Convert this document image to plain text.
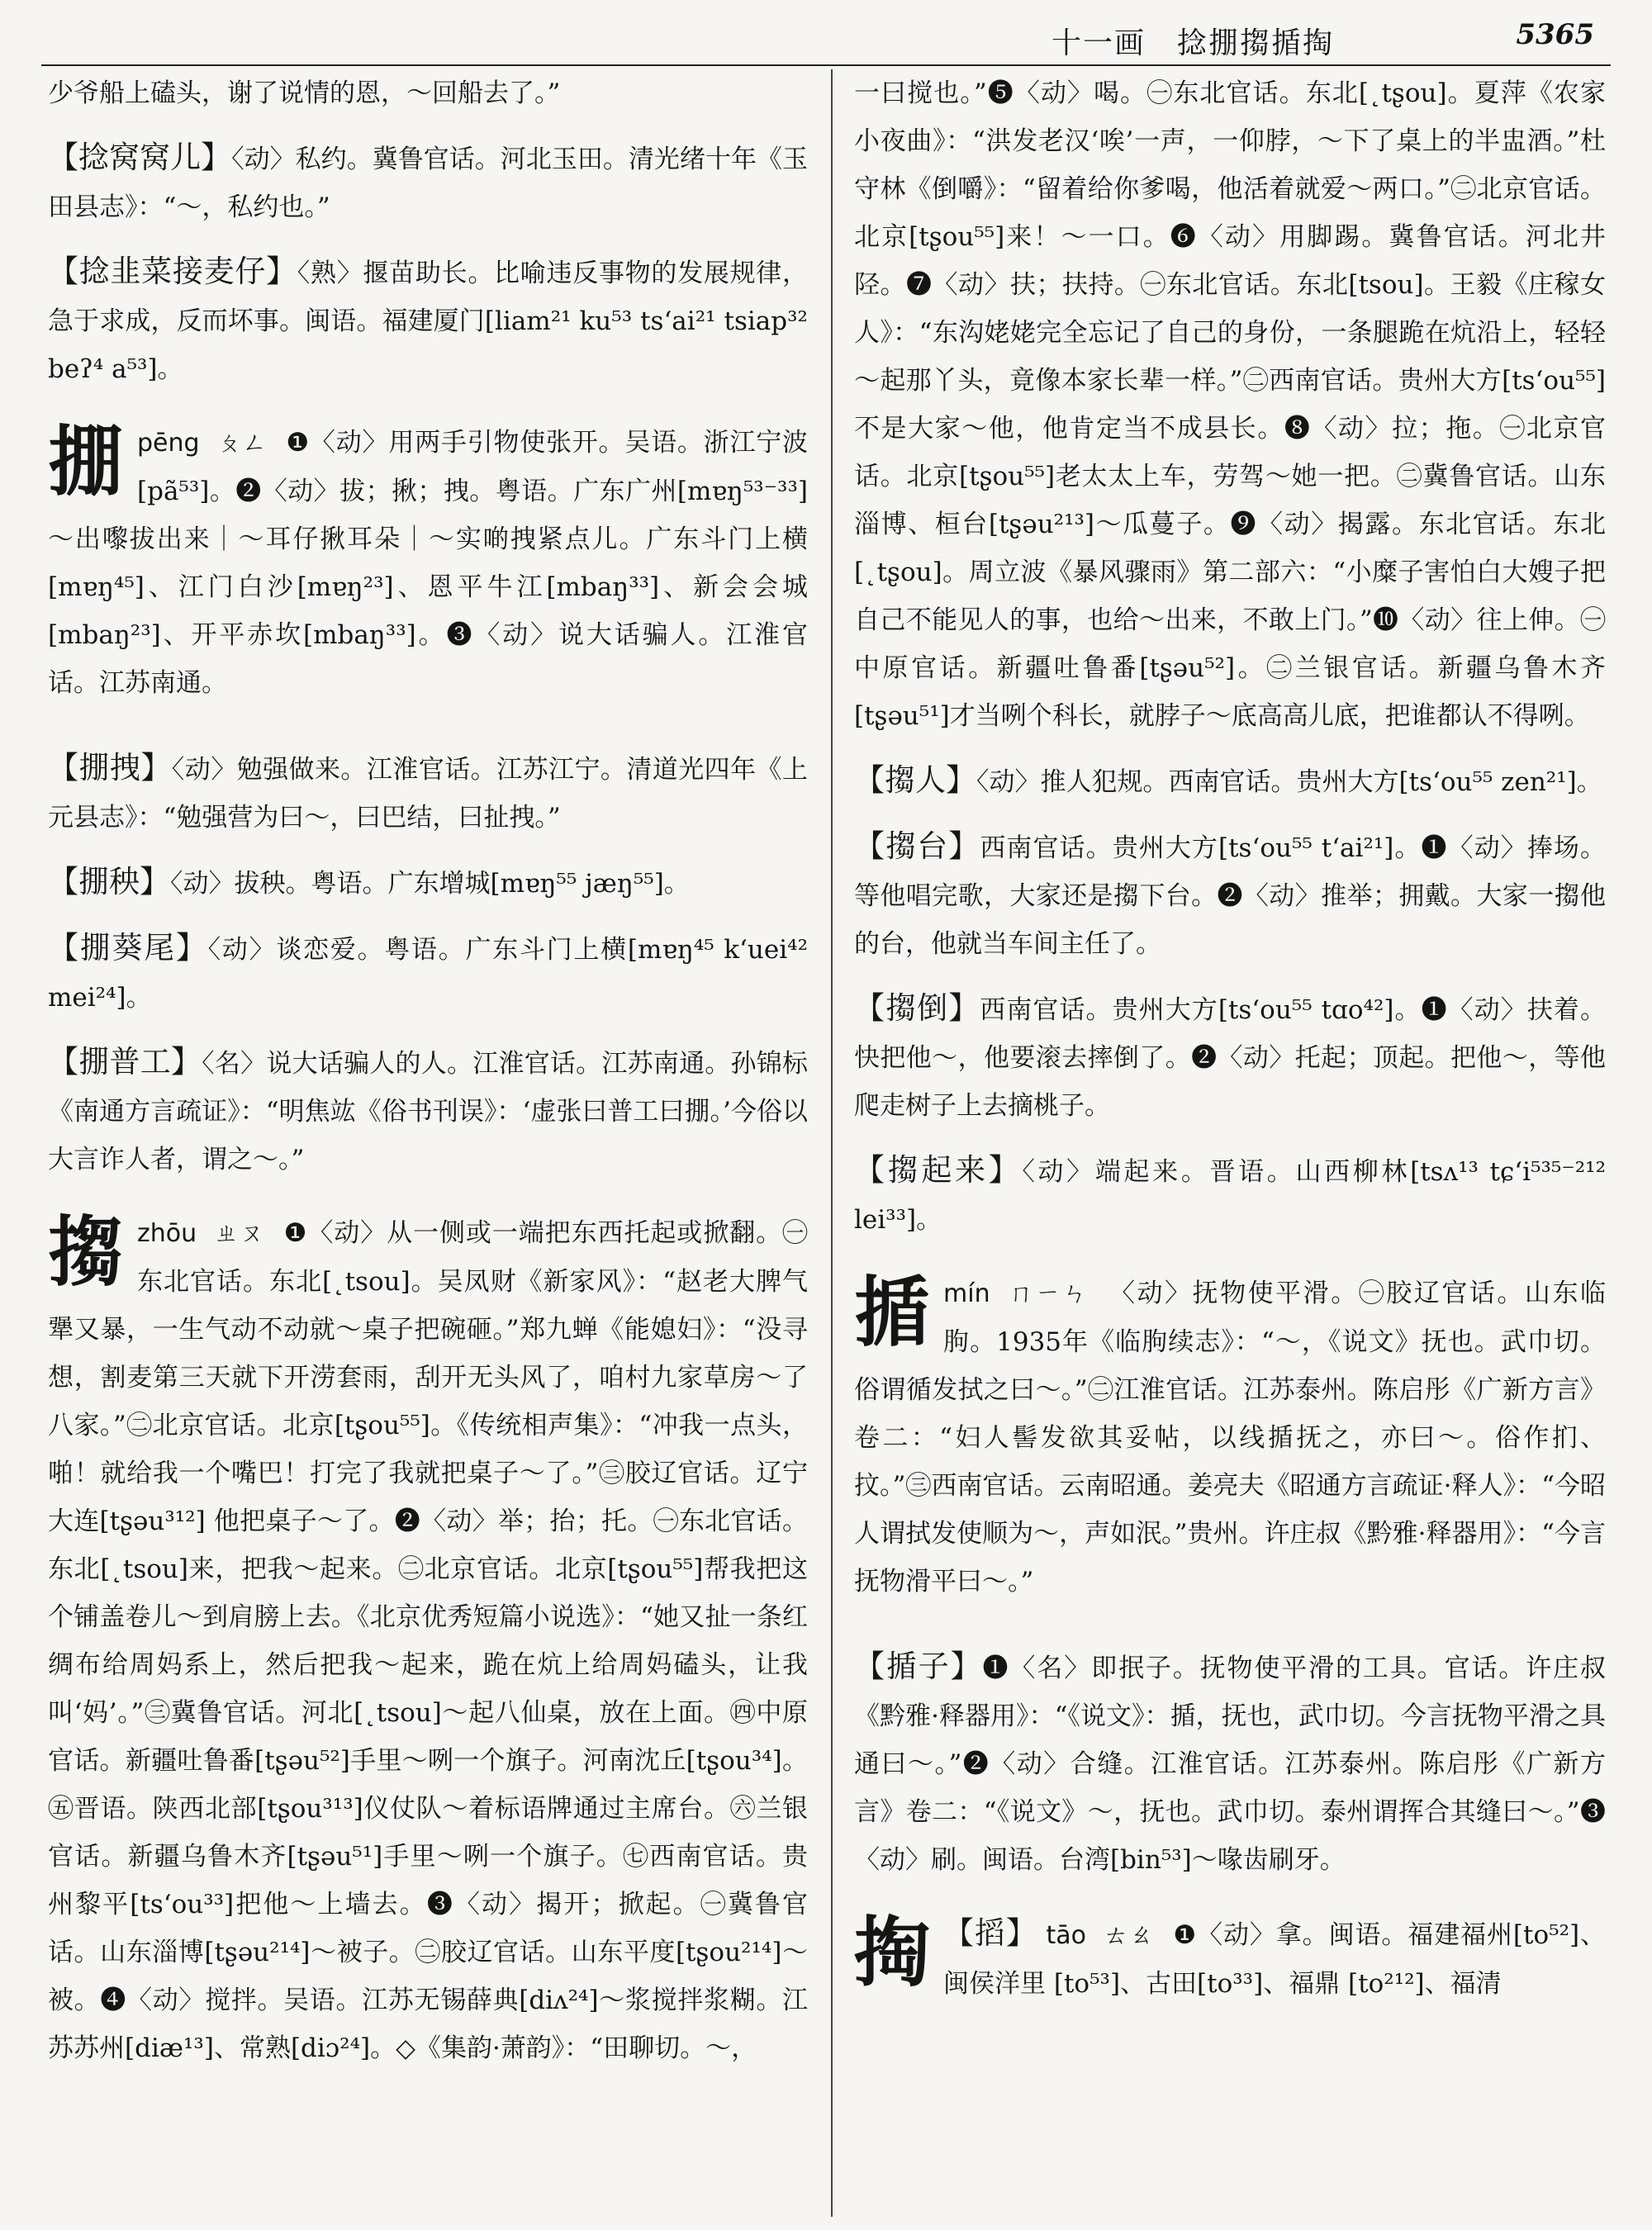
十一画　捻掤搊揗掏	5365

少爷船上磕头，谢了说情的恩，～回船去了。”

【捻窝窝儿】〈动〉私约。冀鲁官话。河北玉田。清光绪十年《玉田县志》：“～，私约也。”

【捻韭菜接麦仔】〈熟〉揠苗助长。比喻违反事物的发展规律，急于求成，反而坏事。闽语。福建厦门[liam²¹ ku⁵³ ts‘ai²¹ tsiap³² beʔ⁴ a⁵³]。

掤 pēng ㄆㄥ ❶〈动〉用两手引物使张开。吴语。浙江宁波[pã⁵³]。❷〈动〉拔；揪；拽。粤语。广东广州[mɐŋ⁵³⁻³³]～出嚟拔出来｜～耳仔揪耳朵｜～实啲拽紧点儿。广东斗门上横[mɐŋ⁴⁵]、江门白沙[mɐŋ²³]、恩平牛江[mbaŋ³³]、新会会城 [mbaŋ²³]、开平赤坎[mbaŋ³³]。❸〈动〉说大话骗人。江淮官话。江苏南通。

【掤拽】〈动〉勉强做来。江淮官话。江苏江宁。清道光四年《上元县志》：“勉强营为曰～，曰巴结，曰扯拽。”

【掤秧】〈动〉拔秧。粤语。广东增城[mɐŋ⁵⁵ jæŋ⁵⁵]。

【掤葵尾】〈动〉谈恋爱。粤语。广东斗门上横[mɐŋ⁴⁵ k‘uei⁴² mei²⁴]。

【掤普工】〈名〉说大话骗人的人。江淮官话。江苏南通。孙锦标《南通方言疏证》：“明焦竑《俗书刊误》：‘虚张曰普工曰掤。’今俗以大言诈人者，谓之～。”

搊 zhōu ㄓㄡ ❶〈动〉从一侧或一端把东西托起或掀翻。㊀东北官话。东北[˛tsou]。吴凤财《新家风》：“赵老大脾气犟又暴，一生气动不动就～桌子把碗砸。”郑九蝉《能媳妇》：“没寻想，割麦第三天就下开涝套雨，刮开无头风了，咱村九家草房～了八家。”㊁北京官话。北京[tʂou⁵⁵]。《传统相声集》：“冲我一点头，啪！就给我一个嘴巴！打完了我就把桌子～了。”㊂胶辽官话。辽宁大连[tʂəu³¹²] 他把桌子～了。❷〈动〉举；抬；托。㊀东北官话。东北[˛tsou]来，把我～起来。㊁北京官话。北京[tʂou⁵⁵]帮我把这个铺盖卷儿～到肩膀上去。《北京优秀短篇小说选》：“她又扯一条红绸布给周妈系上，然后把我～起来，跪在炕上给周妈磕头，让我叫‘妈’。”㊂冀鲁官话。河北[˛tsou]～起八仙桌，放在上面。㊃中原官话。新疆吐鲁番[tʂəu⁵²]手里～咧一个旗子。河南沈丘[tʂou³⁴]。㊄晋语。陕西北部[tʂou³¹³]仪仗队～着标语牌通过主席台。㊅兰银官话。新疆乌鲁木齐[tʂəu⁵¹]手里～咧一个旗子。㊆西南官话。贵州黎平[ts‘ou³³]把他～上墙去。❸〈动〉揭开；掀起。㊀冀鲁官话。山东淄博[tʂəu²¹⁴]～被子。㊁胶辽官话。山东平度[tʂou²¹⁴]～被。❹〈动〉搅拌。吴语。江苏无锡薛典[diʌ²⁴]～浆搅拌浆糊。江苏苏州[diæ¹³]、常熟[diɔ²⁴]。◇《集韵·萧韵》：“田聊切。～，

一曰搅也。”❺〈动〉喝。㊀东北官话。东北[˛tʂou]。夏萍《农家小夜曲》：“洪发老汉‘唉’一声，一仰脖，～下了桌上的半盅酒。”杜守林《倒嚼》：“留着给你爹喝，他活着就爱～两口。”㊁北京官话。北京[tʂou⁵⁵]来！～一口。❻〈动〉用脚踢。冀鲁官话。河北井陉。❼〈动〉扶；扶持。㊀东北官话。东北[tsou]。王毅《庄稼女人》：“东沟姥姥完全忘记了自己的身份，一条腿跪在炕沿上，轻轻～起那丫头，竟像本家长辈一样。”㊁西南官话。贵州大方[ts‘ou⁵⁵]不是大家～他，他肯定当不成县长。❽〈动〉拉；拖。㊀北京官话。北京[tʂou⁵⁵]老太太上车，劳驾～她一把。㊁冀鲁官话。山东淄博、桓台[tʂəu²¹³]～瓜蔓子。❾〈动〉揭露。东北官话。东北[˛tʂou]。周立波《暴风骤雨》第二部六：“小糜子害怕白大嫂子把自己不能见人的事，也给～出来，不敢上门。”❿〈动〉往上伸。㊀中原官话。新疆吐鲁番[tʂəu⁵²]。㊁兰银官话。新疆乌鲁木齐[tʂəu⁵¹]才当咧个科长，就脖子～底高高儿底，把谁都认不得咧。

【搊人】〈动〉推人犯规。西南官话。贵州大方[ts‘ou⁵⁵ zen²¹]。

【搊台】西南官话。贵州大方[ts‘ou⁵⁵ t‘ai²¹]。❶〈动〉捧场。等他唱完歌，大家还是搊下台。❷〈动〉推举；拥戴。大家一搊他的台，他就当车间主任了。

【搊倒】西南官话。贵州大方[ts‘ou⁵⁵ tɑo⁴²]。❶〈动〉扶着。快把他～，他要滚去摔倒了。❷〈动〉托起；顶起。把他～，等他爬走树子上去摘桃子。

【搊起来】〈动〉端起来。晋语。山西柳林[tsʌ¹³ tɕ‘i⁵³⁵⁻²¹² lei³³]。

揗 mín ㄇㄧㄣ 〈动〉抚物使平滑。㊀胶辽官话。山东临朐。1935年《临朐续志》：“～，《说文》抚也。武巾切。俗谓循发拭之曰～。”㊁江淮官话。江苏泰州。陈启彤《广新方言》卷二：“妇人髻发欲其妥帖，以线揗抚之，亦曰～。俗作扪、抆。”㊂西南官话。云南昭通。姜亮夫《昭通方言疏证·释人》：“今昭人谓拭发使顺为～，声如泯。”贵州。许庄叔《黔雅·释器用》：“今言抚物滑平曰～。”

【揗子】❶〈名〉即抿子。抚物使平滑的工具。官话。许庄叔《黔雅·释器用》：“《说文》：揗，抚也，武巾切。今言抚物平滑之具通曰～。”❷〈动〉合缝。江淮官话。江苏泰州。陈启彤《广新方言》卷二：“《说文》～，抚也。武巾切。泰州谓挥合其缝曰～。”❸〈动〉刷。闽语。台湾[bin⁵³]～喙齿刷牙。

掏 【搯】 tāo ㄊㄠ ❶〈动〉拿。闽语。福建福州[to⁵²]、闽侯洋里 [to⁵³]、古田[to³³]、福鼎 [to²¹²]、福清
